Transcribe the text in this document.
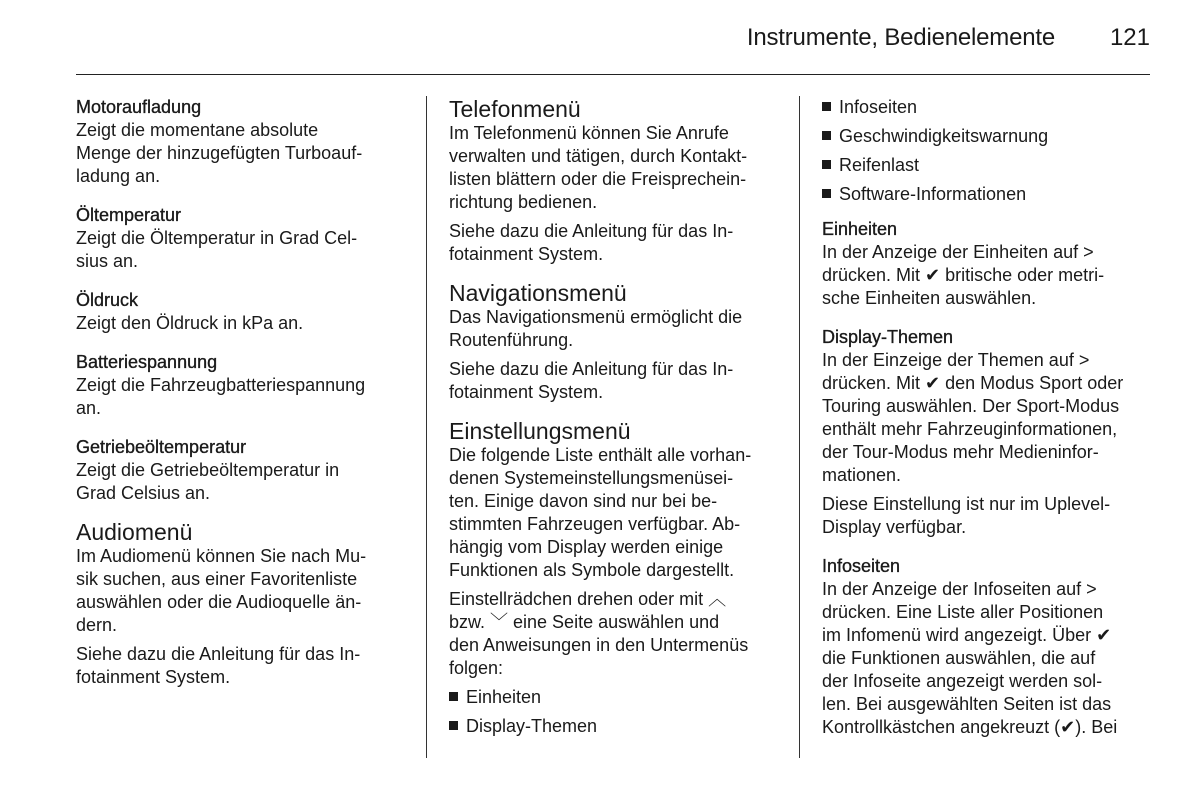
Instrumente, Bedienelemente 121
Motoraufladung
Zeigt die momentane absolute
Menge der hinzugefügten Turboauf-
ladung an.
Öltemperatur
Zeigt die Öltemperatur in Grad Cel-
sius an.
Öldruck
Zeigt den Öldruck in kPa an.
Batteriespannung
Zeigt die Fahrzeugbatteriespannung
an.
Getriebeöltemperatur
Zeigt die Getriebeöltemperatur in
Grad Celsius an.
Audiomenü
Im Audiomenü können Sie nach Mu-
sik suchen, aus einer Favoritenliste
auswählen oder die Audioquelle än-
dern.
Siehe dazu die Anleitung für das In-
fotainment System.
Telefonmenü
Im Telefonmenü können Sie Anrufe
verwalten und tätigen, durch Kontakt-
listen blättern oder die Freisprechein-
richtung bedienen.
Siehe dazu die Anleitung für das In-
fotainment System.
Navigationsmenü
Das Navigationsmenü ermöglicht die
Routenführung.
Siehe dazu die Anleitung für das In-
fotainment System.
Einstellungsmenü
Die folgende Liste enthält alle vorhan-
denen Systemeinstellungsmenüsei-
ten. Einige davon sind nur bei be-
stimmten Fahrzeugen verfügbar. Ab-
hängig vom Display werden einige
Funktionen als Symbole dargestellt.
Einstellrädchen drehen oder mit ︿
bzw. ﹀ eine Seite auswählen und
den Anweisungen in den Untermenüs
folgen:
Einheiten
Display-Themen
Infoseiten
Geschwindigkeitswarnung
Reifenlast
Software-Informationen
Einheiten
In der Anzeige der Einheiten auf >
drücken. Mit ✔ britische oder metri-
sche Einheiten auswählen.
Display-Themen
In der Einzeige der Themen auf >
drücken. Mit ✔ den Modus Sport oder
Touring auswählen. Der Sport-Modus
enthält mehr Fahrzeuginformationen,
der Tour-Modus mehr Medieninfor-
mationen.
Diese Einstellung ist nur im Uplevel-
Display verfügbar.
Infoseiten
In der Anzeige der Infoseiten auf >
drücken. Eine Liste aller Positionen
im Infomenü wird angezeigt. Über ✔
die Funktionen auswählen, die auf
der Infoseite angezeigt werden sol-
len. Bei ausgewählten Seiten ist das
Kontrollkästchen angekreuzt (✔). Bei
